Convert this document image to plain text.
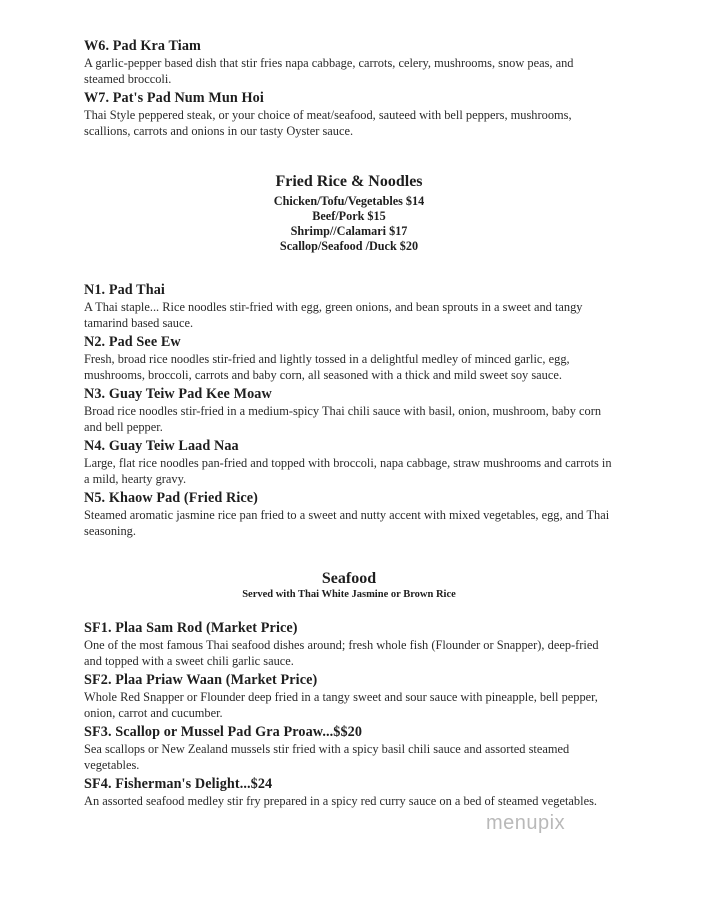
W6. Pad Kra Tiam

A garlic-pepper based dish that stir fries napa cabbage, carrots, celery, mushrooms, snow peas, and steamed broccoli.

W7. Pat's Pad Num Mun Hoi

Thai Style peppered steak, or your choice of meat/seafood, sauteed with bell peppers, mushrooms, scallions, carrots and onions in our tasty Oyster sauce.

Fried Rice & Noodles

Chicken/Tofu/Vegetables $14

Beef/Pork $15

Shrimp//Calamari $17

Scallop/Seafood /Duck $20

N1. Pad Thai

A Thai staple... Rice noodles stir-fried with egg, green onions, and bean sprouts in a sweet and tangy tamarind based sauce.

N2. Pad See Ew

Fresh, broad rice noodles stir-fried and lightly tossed in a delightful medley of minced garlic, egg, mushrooms, broccoli, carrots and baby corn, all seasoned with a thick and mild sweet soy sauce.

N3. Guay Teiw Pad Kee Moaw

Broad rice noodles stir-fried in a medium-spicy Thai chili sauce with basil, onion, mushroom, baby corn and bell pepper.

N4. Guay Teiw Laad Naa

Large, flat rice noodles pan-fried and topped with broccoli, napa cabbage, straw mushrooms and carrots in a mild, hearty gravy.

N5. Khaow Pad (Fried Rice)

Steamed aromatic jasmine rice pan fried to a sweet and nutty accent with mixed vegetables, egg, and Thai seasoning.

Seafood

Served with Thai White Jasmine or Brown Rice

SF1. Plaa Sam Rod (Market Price)

One of the most famous Thai seafood dishes around; fresh whole fish (Flounder or Snapper), deep-fried and topped with a sweet chili garlic sauce.

SF2. Plaa Priaw Waan (Market Price)

Whole Red Snapper or Flounder deep fried in a tangy sweet and sour sauce with pineapple, bell pepper, onion, carrot and cucumber.

SF3. Scallop or Mussel Pad Gra Proaw...$$20

Sea scallops or New Zealand mussels stir fried with a spicy basil chili sauce and assorted steamed vegetables.

SF4. Fisherman's Delight...$24

An assorted seafood medley stir fry prepared in a spicy red curry sauce on a bed of steamed vegetables.

menupix
